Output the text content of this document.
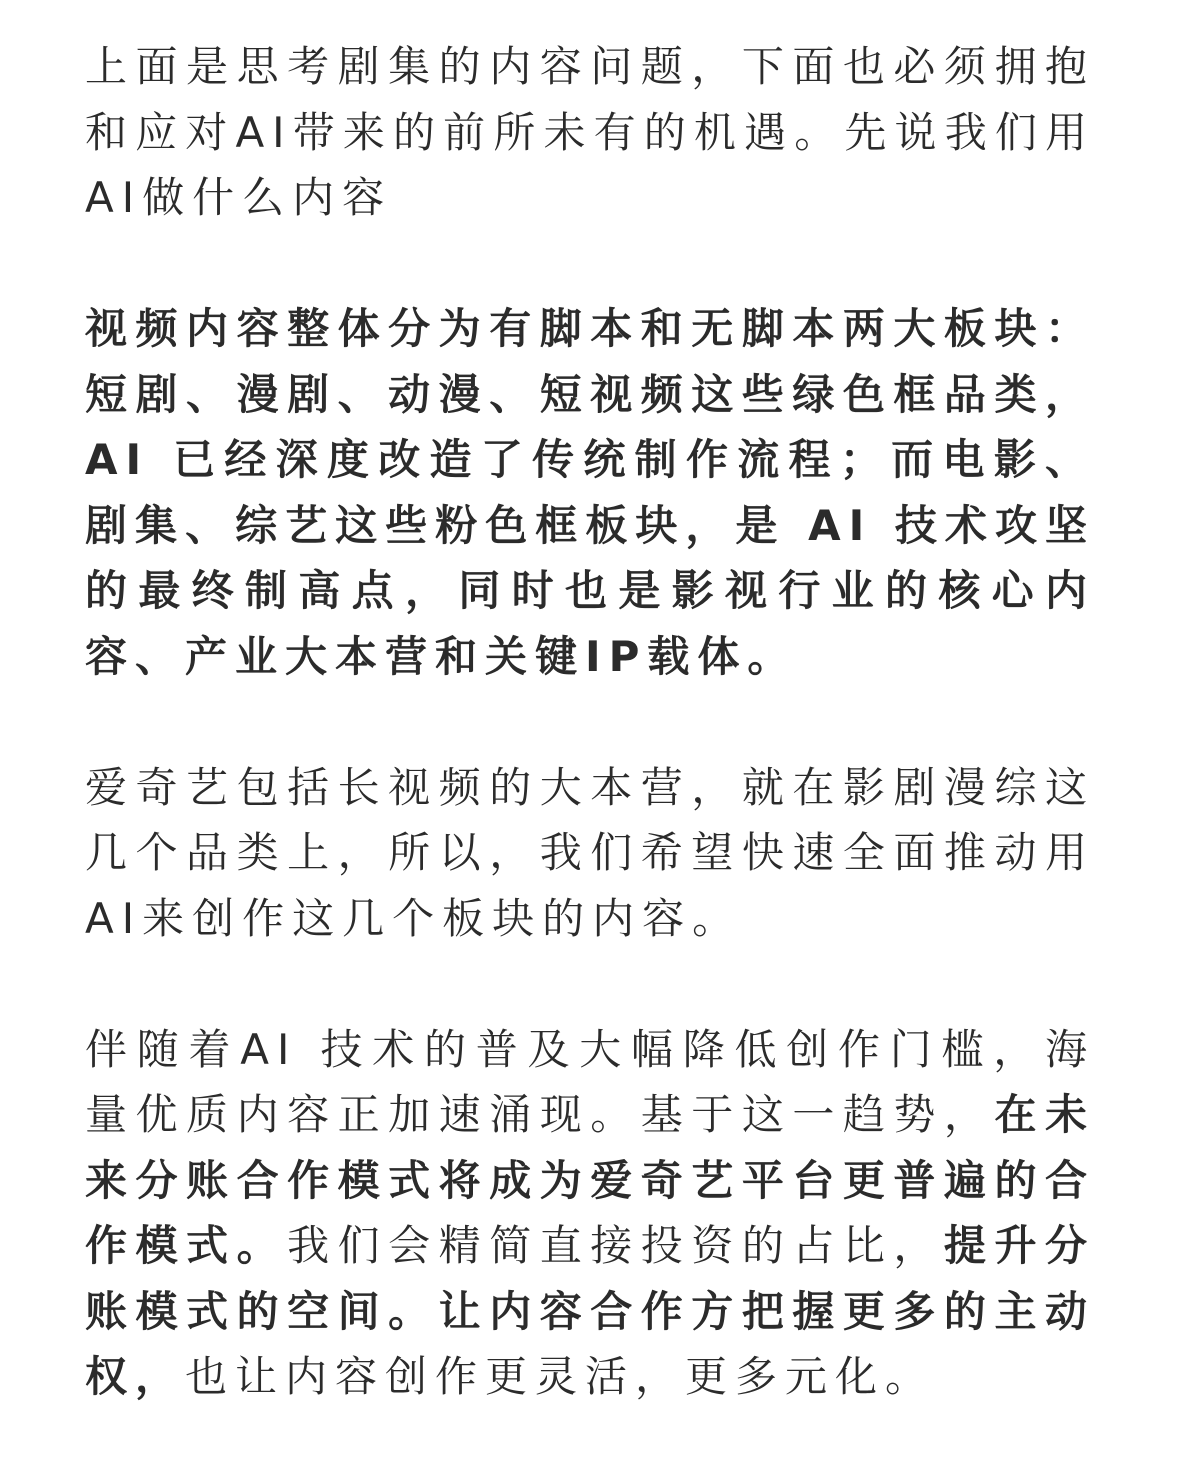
上面是思考剧集的内容问题，下面也必须拥抱和应对AI带来的前所未有的机遇。先说我们用AI做什么内容

视频内容整体分为有脚本和无脚本两大板块：短剧、漫剧、动漫、短视频这些绿色框品类，AI 已经深度改造了传统制作流程；而电影、剧集、综艺这些粉色框板块，是 AI 技术攻坚的最终制高点，同时也是影视行业的核心内容、产业大本营和关键IP载体。

爱奇艺包括长视频的大本营，就在影剧漫综这几个品类上，所以，我们希望快速全面推动用AI来创作这几个板块的内容。

伴随着AI 技术的普及大幅降低创作门槛，海量优质内容正加速涌现。基于这一趋势，在未来分账合作模式将成为爱奇艺平台更普遍的合作模式。我们会精简直接投资的占比，提升分账模式的空间。让内容合作方把握更多的主动权，也让内容创作更灵活，更多元化。
